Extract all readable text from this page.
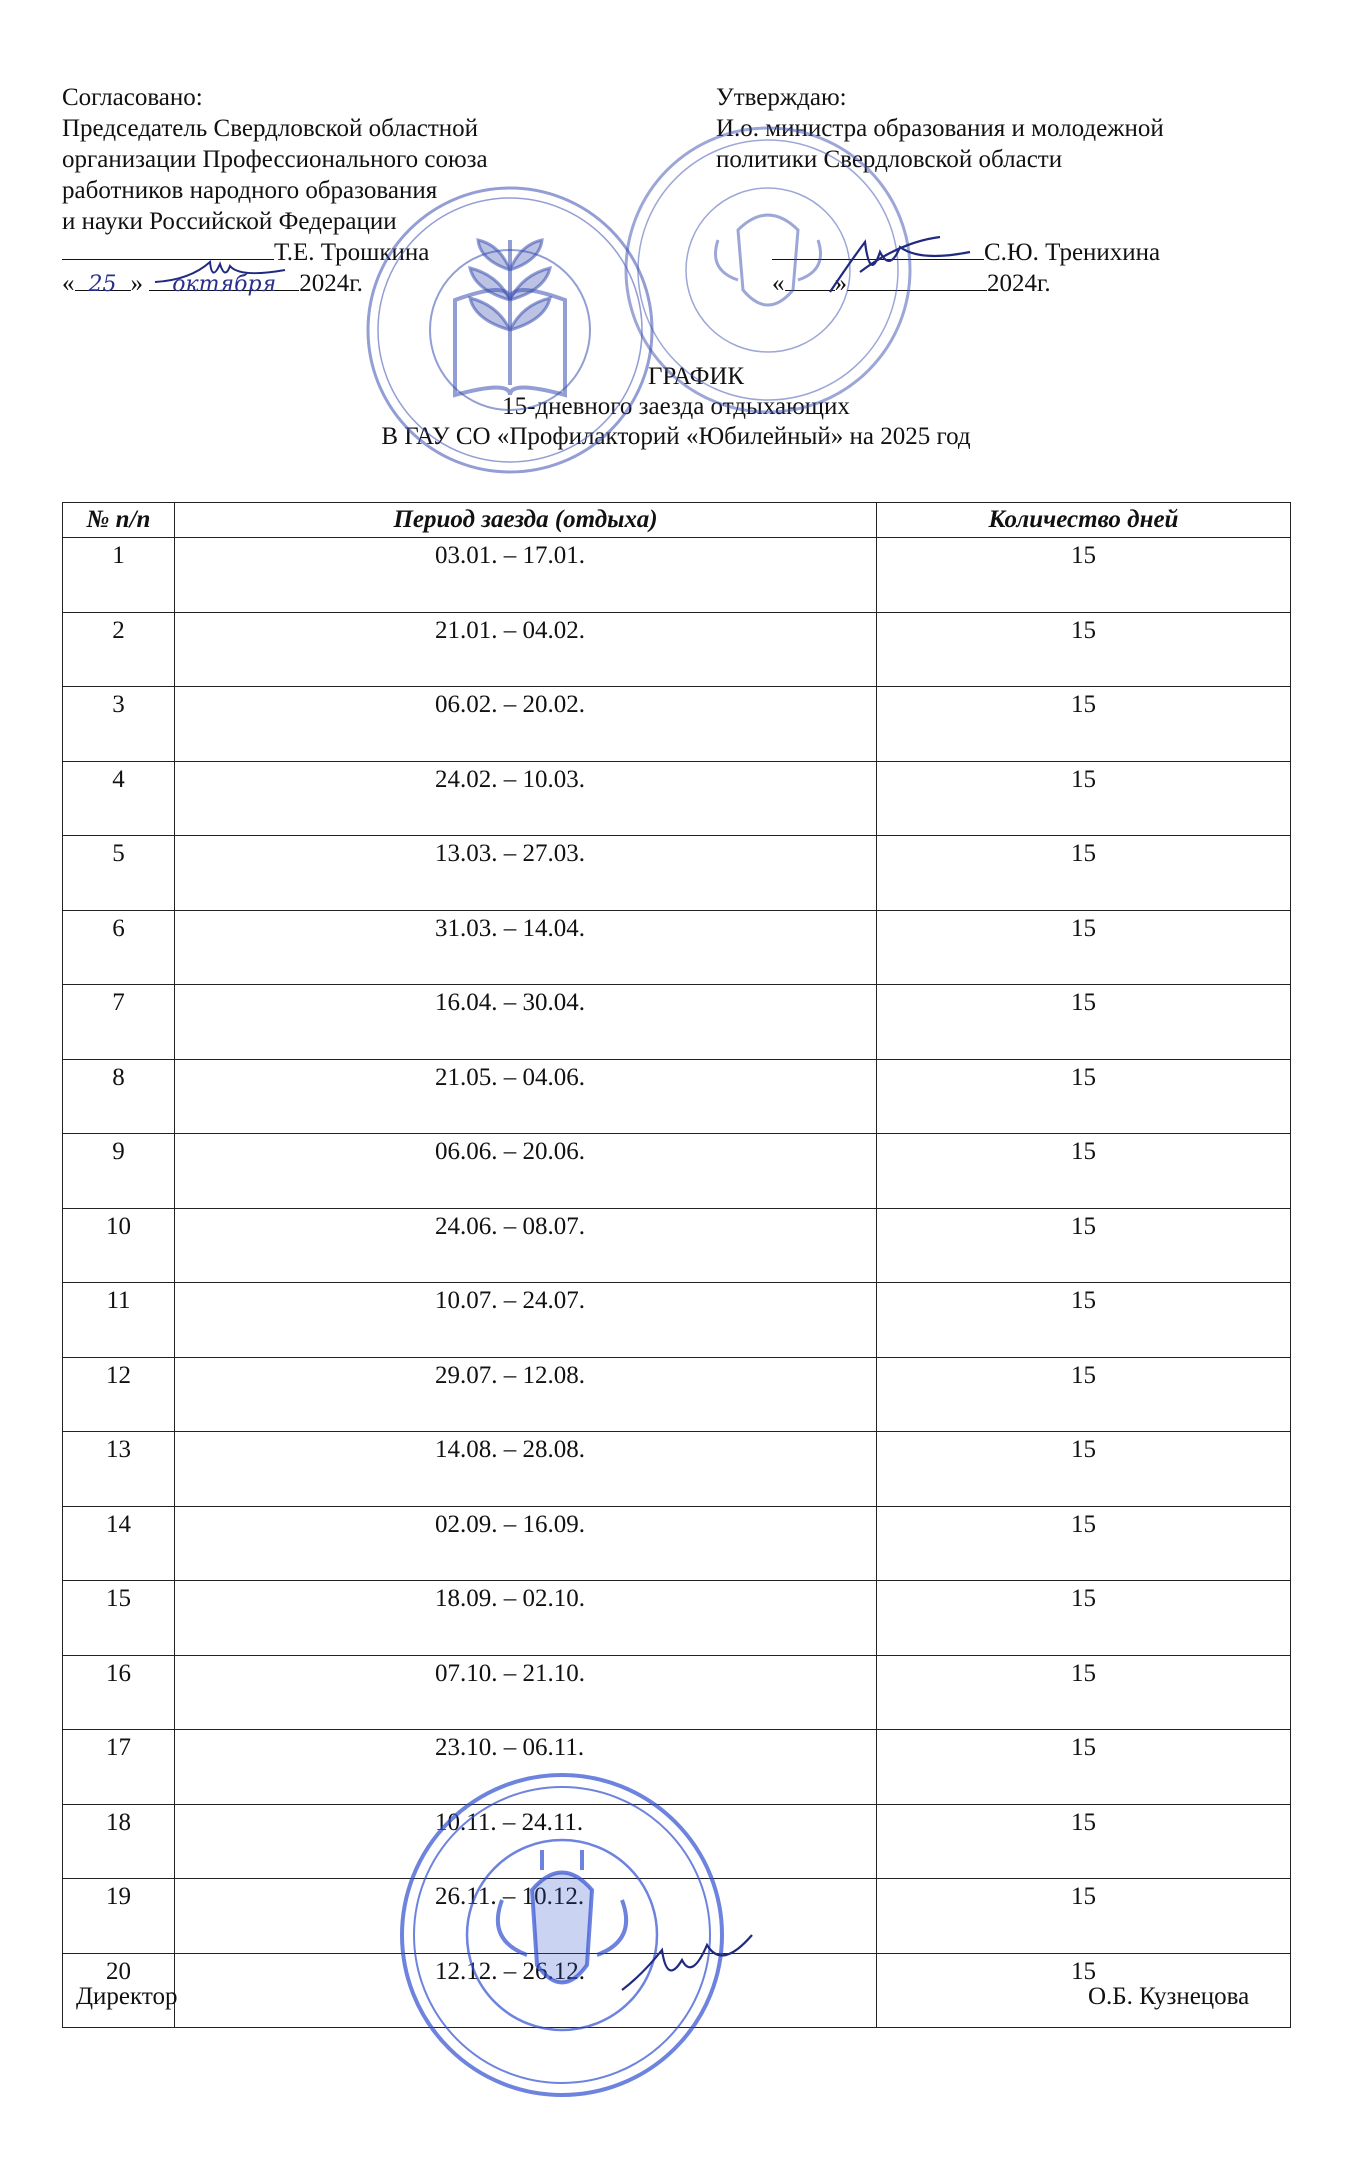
Согласовано:
Председатель Свердловской областной
организации Профессионального союза
работников народного образования
и науки Российской Федерации
Т.Е. Трошкина
« 25 » октября 2024г.
Утверждаю:
И.о. министра образования и молодежной
политики Свердловской области
С.Ю. Тренихина
« »	2024г.
ГРАФИК
15-дневного заезда отдыхающих
В ГАУ СО «Профилакторий «Юбилейный» на 2025 год
№ п/п	Период заезда (отдыха)	Количество дней
1	03.01. – 17.01.	15
2	21.01. – 04.02.	15
3	06.02. – 20.02.	15
4	24.02. – 10.03.	15
5	13.03. – 27.03.	15
6	31.03. – 14.04.	15
7	16.04. – 30.04.	15
8	21.05. – 04.06.	15
9	06.06. – 20.06.	15
10	24.06. – 08.07.	15
11	10.07. – 24.07.	15
12	29.07. – 12.08.	15
13	14.08. – 28.08.	15
14	02.09. – 16.09.	15
15	18.09. – 02.10.	15
16	07.10. – 21.10.	15
17	23.10. – 06.11.	15
18	10.11. – 24.11.	15
19	26.11. – 10.12.	15
20	12.12. – 26.12.	15
Директор	О.Б. Кузнецова
